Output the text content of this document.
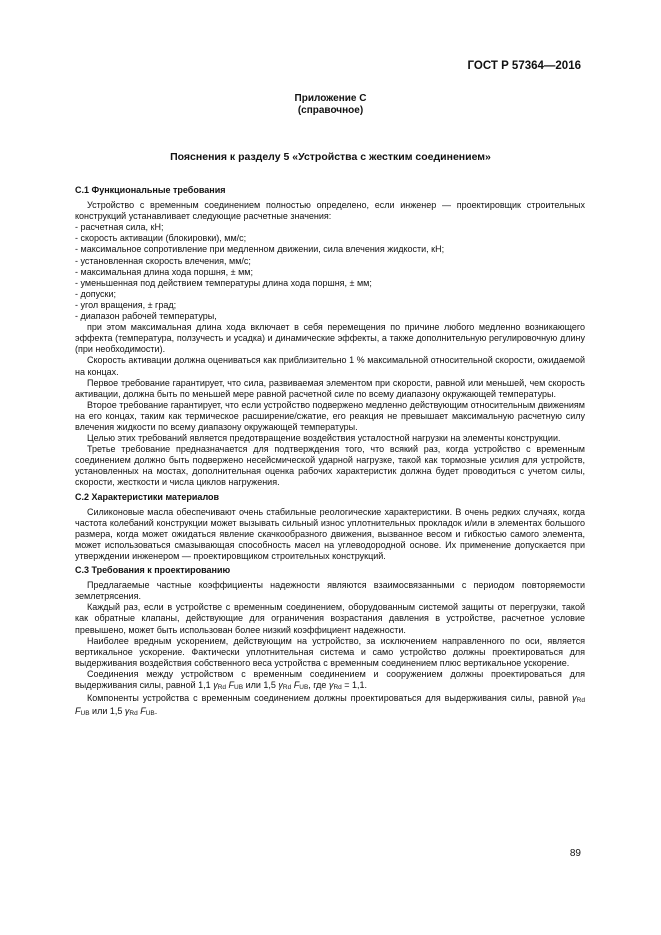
ГОСТ Р 57364—2016
Приложение С
(справочное)
Пояснения к разделу 5 «Устройства с жестким соединением»
С.1 Функциональные требования

Устройство с временным соединением полностью определено, если инженер — проектировщик строительных конструкций устанавливает следующие расчетные значения:

- расчетная сила, кН;
- скорость активации (блокировки), мм/с;
- максимальное сопротивление при медленном движении, сила влечения жидкости, кН;
- установленная скорость влечения, мм/с;
- максимальная длина хода поршня, ± мм;
- уменьшенная под действием температуры длина хода поршня, ± мм;
- допуски;
- угол вращения, ± град;
- диапазон рабочей температуры,

при этом максимальная длина хода включает в себя перемещения по причине любого медленно возникающего эффекта (температура, ползучесть и усадка) и динамические эффекты, а также дополнительную регулировочную длину (при необходимости).

Скорость активации должна оцениваться как приблизительно 1 % максимальной относительной скорости, ожидаемой на концах.

Первое требование гарантирует, что сила, развиваемая элементом при скорости, равной или меньшей, чем скорость активации, должна быть по меньшей мере равной расчетной силе по всему диапазону окружающей температуры.

Второе требование гарантирует, что если устройство подвержено медленно действующим относительным движениям на его концах, таким как термическое расширение/сжатие, его реакция не превышает максимальную расчетную силу влечения жидкости по всему диапазону окружающей температуры.

Целью этих требований является предотвращение воздействия усталостной нагрузки на элементы конструкции.

Третье требование предназначается для подтверждения того, что всякий раз, когда устройство с временным соединением должно быть подвержено несейсмической ударной нагрузке, такой как тормозные усилия для устройств, установленных на мостах, дополнительная оценка рабочих характеристик должна будет проводиться с учетом силы, скорости, жесткости и числа циклов нагружения.

С.2 Характеристики материалов

Силиконовые масла обеспечивают очень стабильные реологические характеристики. В очень редких случаях, когда частота колебаний конструкции может вызывать сильный износ уплотнительных прокладок и/или в элементах большого размера, когда может ожидаться явление скачкообразного движения, вызванное весом и гибкостью самого элемента, может использоваться смазывающая способность масел на углеводородной основе. Их применение допускается при утверждении инженером — проектировщиком строительных конструкций.

С.3 Требования к проектированию

Предлагаемые частные коэффициенты надежности являются взаимосвязанными с периодом повторяемости землетрясения.

Каждый раз, если в устройстве с временным соединением, оборудованным системой защиты от перегрузки, такой как обратные клапаны, действующие для ограничения возрастания давления в устройстве, расчетное условие превышено, может быть использован более низкий коэффициент надежности.

Наиболее вредным ускорением, действующим на устройство, за исключением направленного по оси, является вертикальное ускорение. Фактически уплотнительная система и само устройство должны проектироваться для выдерживания воздействия собственного веса устройства с временным соединением плюс вертикальное ускорение.

Соединения между устройством с временным соединением и сооружением должны проектироваться для выдерживания силы, равной 1,1 γRd FUB или 1,5 γRd FUB, где γRd = 1,1.

Компоненты устройства с временным соединением должны проектироваться для выдерживания силы, равной γRd FUB или 1,5 γRd FUB.

89
